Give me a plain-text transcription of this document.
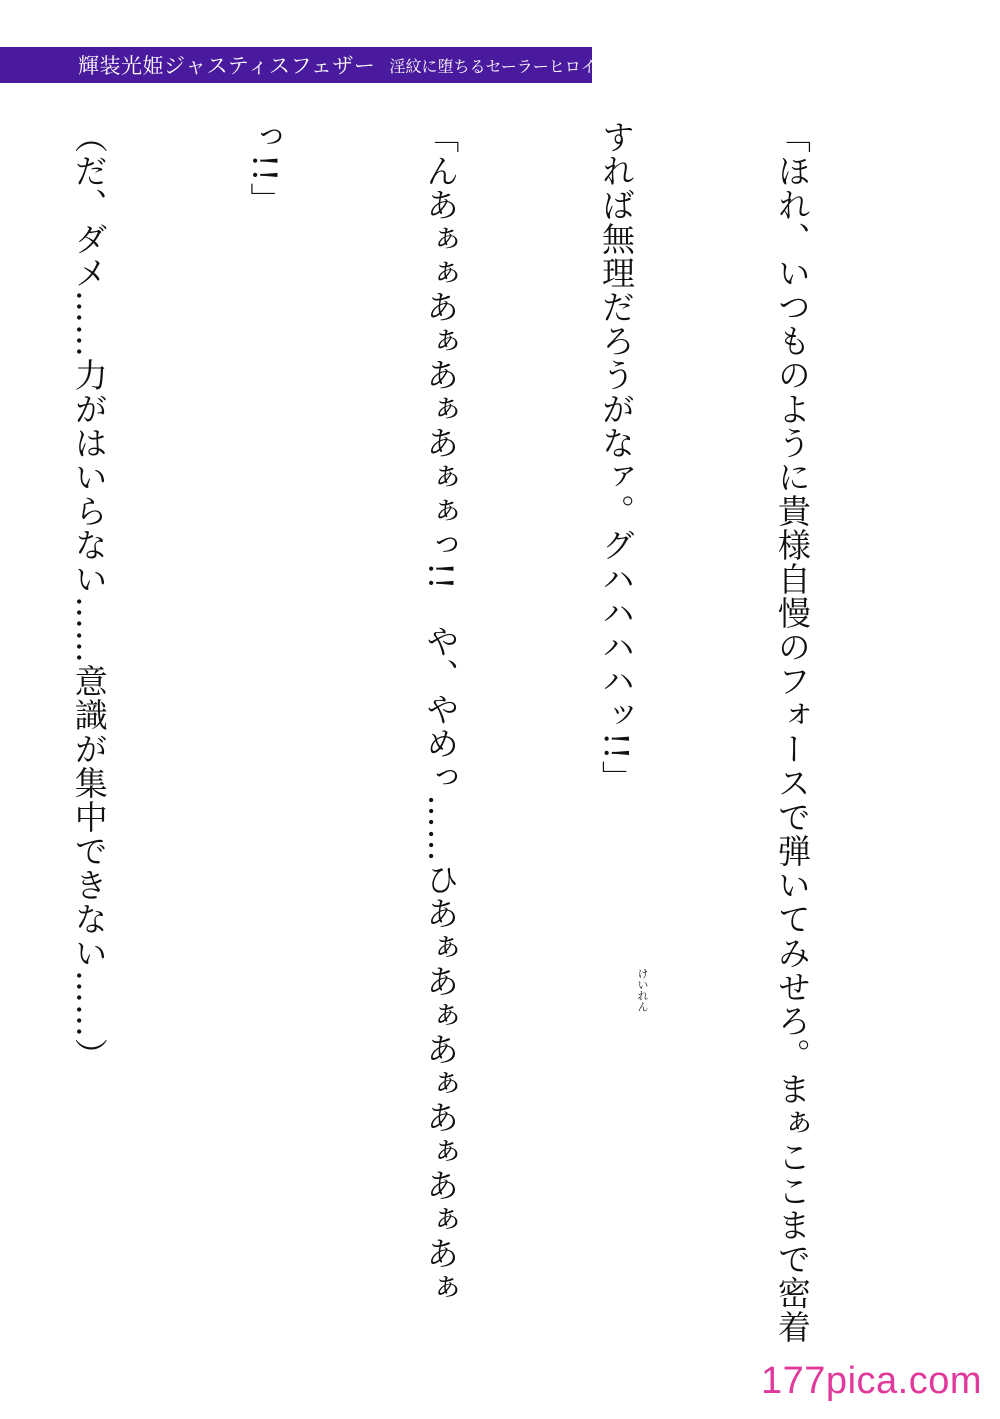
輝装光姫ジャスティスフェザー 淫紋に堕ちるセーラーヒロイン

「ほれ、いつものように貴様自慢のフォースで弾いてみせろ。まぁここまで密着

すれば無理だろうがなァ。グハハハハッ!!」

「んあぁぁあぁあぁあぁぁっ!!　や、やめっ……ひあぁあぁあぁあぁあぁあぁ

っ!!」

（だ、ダメ……力がはいらない……意識が集中できない……）

	けいれん
177pica.com
